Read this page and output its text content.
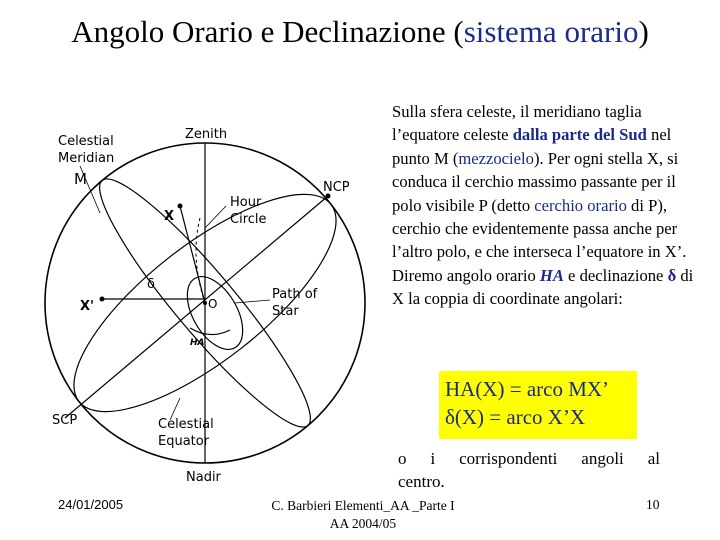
Angolo Orario e Declinazione (sistema orario)
Celestial
Meridian
Zenith
M	NCP
X
Hour
Circle
δ
X'	O
Path of
Star
HA
SCP	Celestial
Equator
Nadir
Sulla sfera celeste, il meridiano taglia l’equatore celeste dalla parte del Sud nel punto M (mezzocielo). Per ogni stella X, si conduca il cerchio massimo passante per il polo visibile P (detto cerchio orario di P), cerchio che evidentemente passa anche per l’altro polo, e che interseca l’equatore in X’. Diremo angolo orario HA e declinazione δ di X la coppia di coordinate angolari:
HA(X) = arco MX’
δ(X) = arco X’X
o i corrispondenti angoli al
centro.
24/01/2005	C. Barbieri Elementi_AA _Parte I
AA 2004/05
10
